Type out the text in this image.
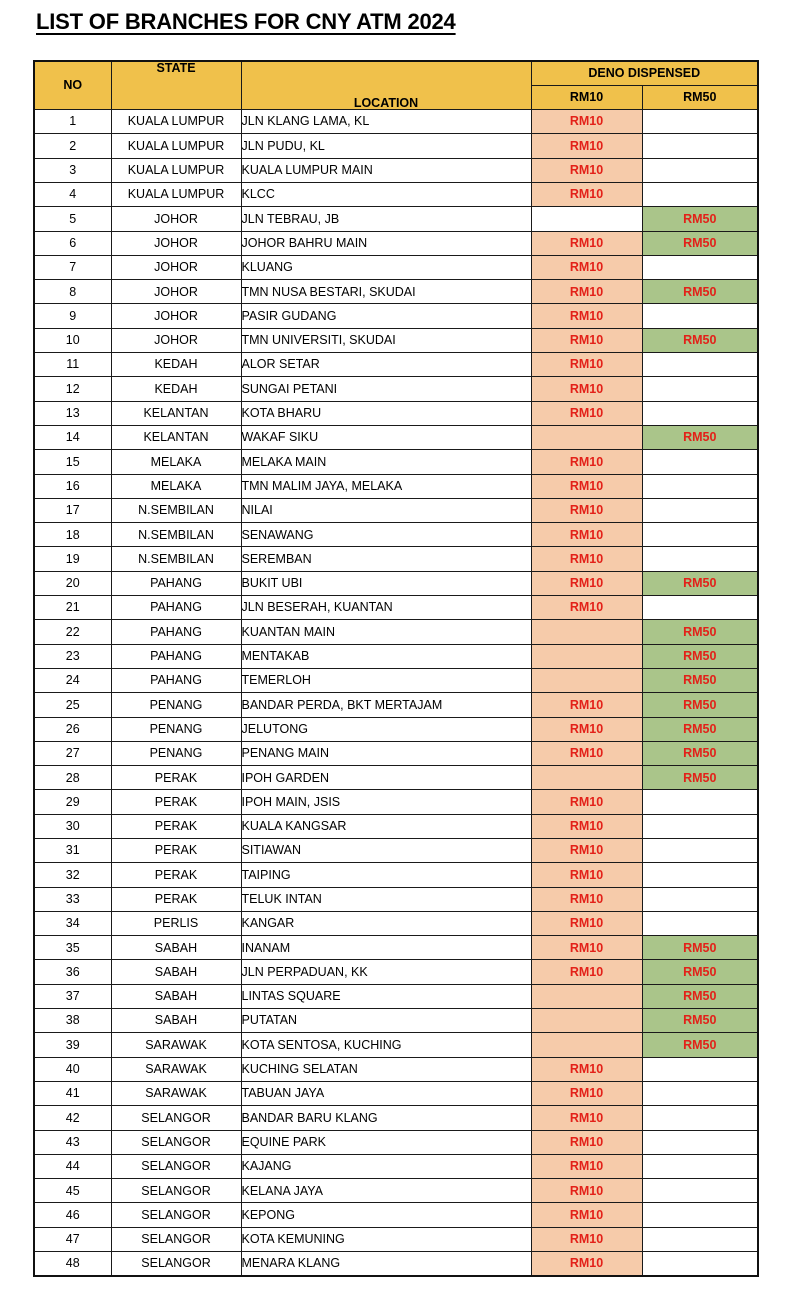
LIST OF BRANCHES FOR CNY ATM 2024
NO	STATE	LOCATION	DENO DISPENSED	
			RM10	RM50
1	KUALA LUMPUR	JLN KLANG LAMA, KL	RM10	
2	KUALA LUMPUR	JLN PUDU, KL	RM10	
3	KUALA LUMPUR	KUALA LUMPUR MAIN	RM10	
4	KUALA LUMPUR	KLCC	RM10	
5	JOHOR	JLN TEBRAU, JB		RM50
6	JOHOR	JOHOR BAHRU MAIN	RM10	RM50
7	JOHOR	KLUANG	RM10	
8	JOHOR	TMN NUSA BESTARI, SKUDAI	RM10	RM50
9	JOHOR	PASIR GUDANG	RM10	
10	JOHOR	TMN UNIVERSITI, SKUDAI	RM10	RM50
11	KEDAH	ALOR SETAR	RM10	
12	KEDAH	SUNGAI PETANI	RM10	
13	KELANTAN	KOTA BHARU	RM10	
14	KELANTAN	WAKAF SIKU		RM50
15	MELAKA	MELAKA MAIN	RM10	
16	MELAKA	TMN MALIM JAYA, MELAKA	RM10	
17	N.SEMBILAN	NILAI	RM10	
18	N.SEMBILAN	SENAWANG	RM10	
19	N.SEMBILAN	SEREMBAN	RM10	
20	PAHANG	BUKIT UBI	RM10	RM50
21	PAHANG	JLN BESERAH, KUANTAN	RM10	
22	PAHANG	KUANTAN MAIN		RM50
23	PAHANG	MENTAKAB		RM50
24	PAHANG	TEMERLOH		RM50
25	PENANG	BANDAR PERDA, BKT MERTAJAM	RM10	RM50
26	PENANG	JELUTONG	RM10	RM50
27	PENANG	PENANG MAIN	RM10	RM50
28	PERAK	IPOH GARDEN		RM50
29	PERAK	IPOH MAIN, JSIS	RM10	
30	PERAK	KUALA KANGSAR	RM10	
31	PERAK	SITIAWAN	RM10	
32	PERAK	TAIPING	RM10	
33	PERAK	TELUK INTAN	RM10	
34	PERLIS	KANGAR	RM10	
35	SABAH	INANAM	RM10	RM50
36	SABAH	JLN PERPADUAN, KK	RM10	RM50
37	SABAH	LINTAS SQUARE		RM50
38	SABAH	PUTATAN		RM50
39	SARAWAK	KOTA SENTOSA, KUCHING		RM50
40	SARAWAK	KUCHING SELATAN	RM10	
41	SARAWAK	TABUAN JAYA	RM10	
42	SELANGOR	BANDAR BARU KLANG	RM10	
43	SELANGOR	EQUINE PARK	RM10	
44	SELANGOR	KAJANG	RM10	
45	SELANGOR	KELANA JAYA	RM10	
46	SELANGOR	KEPONG	RM10	
47	SELANGOR	KOTA KEMUNING	RM10	
48	SELANGOR	MENARA KLANG	RM10	
